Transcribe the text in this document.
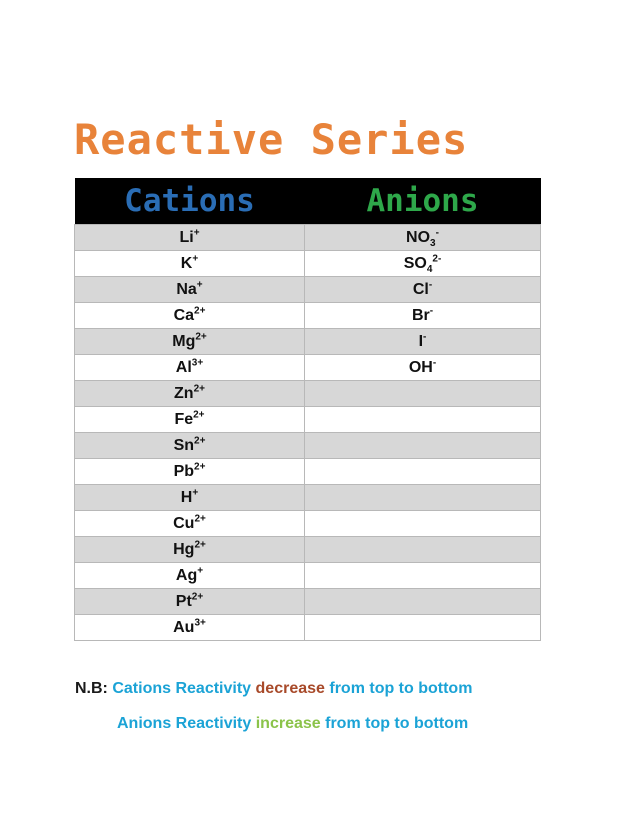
Reactive Series
Cations	Anions
Li+	$NO_3^-$
K+	$SO_4^{2-}$
Na+	Cl-
$Ca^{2+}$	Br-
$Mg^{2+}$	I-
$Al^{3+}$	OH-
$Zn^{2+}$	
$Fe^{2+}$	
$Sn^{2+}$	
$Pb^{2+}$	
H+	
$Cu^{2+}$	
$Hg^{2+}$	
Ag+	
$Pt^{2+}$	
$Au^{3+}$	

N.B: Cations Reactivity decrease from top to bottom

Anions Reactivity increase from top to bottom
